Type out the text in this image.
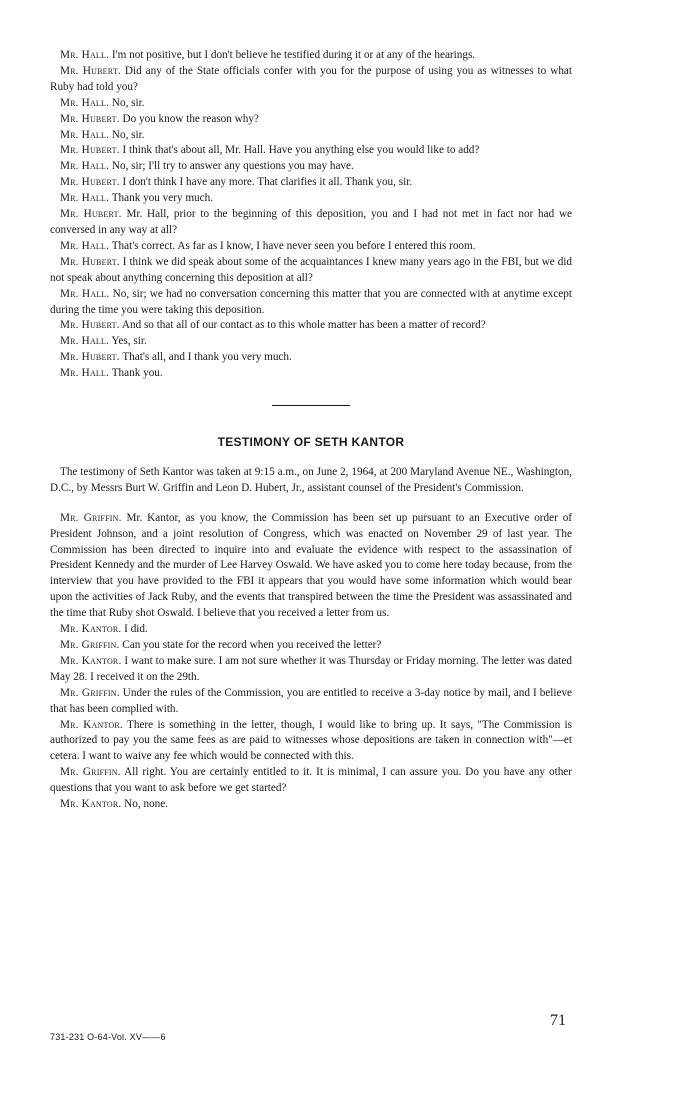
Mr. Hall. I'm not positive, but I don't believe he testified during it or at any of the hearings.

Mr. Hubert. Did any of the State officials confer with you for the purpose of using you as witnesses to what Ruby had told you?

Mr. Hall. No, sir.

Mr. Hubert. Do you know the reason why?

Mr. Hall. No, sir.

Mr. Hubert. I think that's about all, Mr. Hall. Have you anything else you would like to add?

Mr. Hall. No, sir; I'll try to answer any questions you may have.

Mr. Hubert. I don't think I have any more. That clarifies it all. Thank you, sir.

Mr. Hall. Thank you very much.

Mr. Hubert. Mr. Hall, prior to the beginning of this deposition, you and I had not met in fact nor had we conversed in any way at all?

Mr. Hall. That's correct. As far as I know, I have never seen you before I entered this room.

Mr. Hubert. I think we did speak about some of the acquaintances I knew many years ago in the FBI, but we did not speak about anything concerning this deposition at all?

Mr. Hall. No, sir; we had no conversation concerning this matter that you are connected with at anytime except during the time you were taking this deposition.

Mr. Hubert. And so that all of our contact as to this whole matter has been a matter of record?

Mr. Hall. Yes, sir.

Mr. Hubert. That's all, and I thank you very much.

Mr. Hall. Thank you.

TESTIMONY OF SETH KANTOR

The testimony of Seth Kantor was taken at 9:15 a.m., on June 2, 1964, at 200 Maryland Avenue NE., Washington, D.C., by Messrs Burt W. Griffin and Leon D. Hubert, Jr., assistant counsel of the President's Commission.

Mr. Griffin. Mr. Kantor, as you know, the Commission has been set up pursuant to an Executive order of President Johnson, and a joint resolution of Congress, which was enacted on November 29 of last year. The Commission has been directed to inquire into and evaluate the evidence with respect to the assassination of President Kennedy and the murder of Lee Harvey Oswald. We have asked you to come here today because, from the interview that you have provided to the FBI it appears that you would have some information which would bear upon the activities of Jack Ruby, and the events that transpired between the time the President was assassinated and the time that Ruby shot Oswald. I believe that you received a letter from us.

Mr. Kantor. I did.

Mr. Griffin. Can you state for the record when you received the letter?

Mr. Kantor. I want to make sure. I am not sure whether it was Thursday or Friday morning. The letter was dated May 28. I received it on the 29th.

Mr. Griffin. Under the rules of the Commission, you are entitled to receive a 3-day notice by mail, and I believe that has been complied with.

Mr. Kantor. There is something in the letter, though, I would like to bring up. It says, "The Commission is authorized to pay you the same fees as are paid to witnesses whose depositions are taken in connection with"—et cetera. I want to waive any fee which would be connected with this.

Mr. Griffin. All right. You are certainly entitled to it. It is minimal, I can assure you. Do you have any other questions that you want to ask before we get started?

Mr. Kantor. No, none.

71
731-231 O-64-Vol. XV——6
